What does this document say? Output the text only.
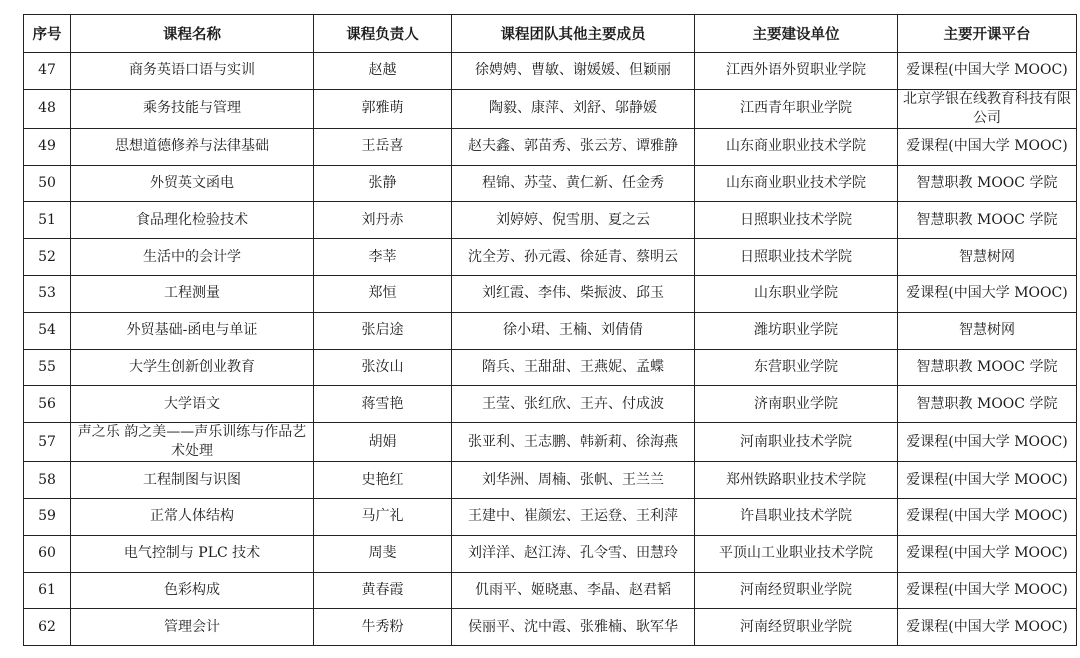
序号	课程名称	课程负责人	课程团队其他主要成员	主要建设单位	主要开课平台
47	商务英语口语与实训	赵越	徐娉娉、曹敏、谢媛媛、但颖丽	江西外语外贸职业学院	爱课程(中国大学 MOOC)
48	乘务技能与管理	郭雅萌	陶毅、康萍、刘舒、邬静媛	江西青年职业学院	北京学银在线教育科技有限公司
49	思想道德修养与法律基础	王岳喜	赵夫鑫、郭苗秀、张云芳、谭雅静	山东商业职业技术学院	爱课程(中国大学 MOOC)
50	外贸英文函电	张静	程锦、苏莹、黄仁新、任金秀	山东商业职业技术学院	智慧职教 MOOC 学院
51	食品理化检验技术	刘丹赤	刘婷婷、倪雪朋、夏之云	日照职业技术学院	智慧职教 MOOC 学院
52	生活中的会计学	李莘	沈全芳、孙元霞、徐延青、蔡明云	日照职业技术学院	智慧树网
53	工程测量	郑恒	刘红霞、李伟、柴振波、邱玉	山东职业学院	爱课程(中国大学 MOOC)
54	外贸基础-函电与单证	张启途	徐小珺、王楠、刘倩倩	潍坊职业学院	智慧树网
55	大学生创新创业教育	张汝山	隋兵、王甜甜、王燕妮、孟蝶	东营职业学院	智慧职教 MOOC 学院
56	大学语文	蒋雪艳	王莹、张红欣、王卉、付成波	济南职业学院	智慧职教 MOOC 学院
57	声之乐 韵之美——声乐训练与作品艺术处理	胡娟	张亚利、王志鹏、韩新莉、徐海燕	河南职业技术学院	爱课程(中国大学 MOOC)
58	工程制图与识图	史艳红	刘华洲、周楠、张帆、王兰兰	郑州铁路职业技术学院	爱课程(中国大学 MOOC)
59	正常人体结构	马广礼	王建中、崔颜宏、王运登、王利萍	许昌职业技术学院	爱课程(中国大学 MOOC)
60	电气控制与 PLC 技术	周斐	刘洋洋、赵江涛、孔令雪、田慧玲	平顶山工业职业技术学院	爱课程(中国大学 MOOC)
61	色彩构成	黄春霞	仉雨平、姬晓惠、李晶、赵君韬	河南经贸职业学院	爱课程(中国大学 MOOC)
62	管理会计	牛秀粉	侯丽平、沈中霞、张雅楠、耿军华	河南经贸职业学院	爱课程(中国大学 MOOC)
